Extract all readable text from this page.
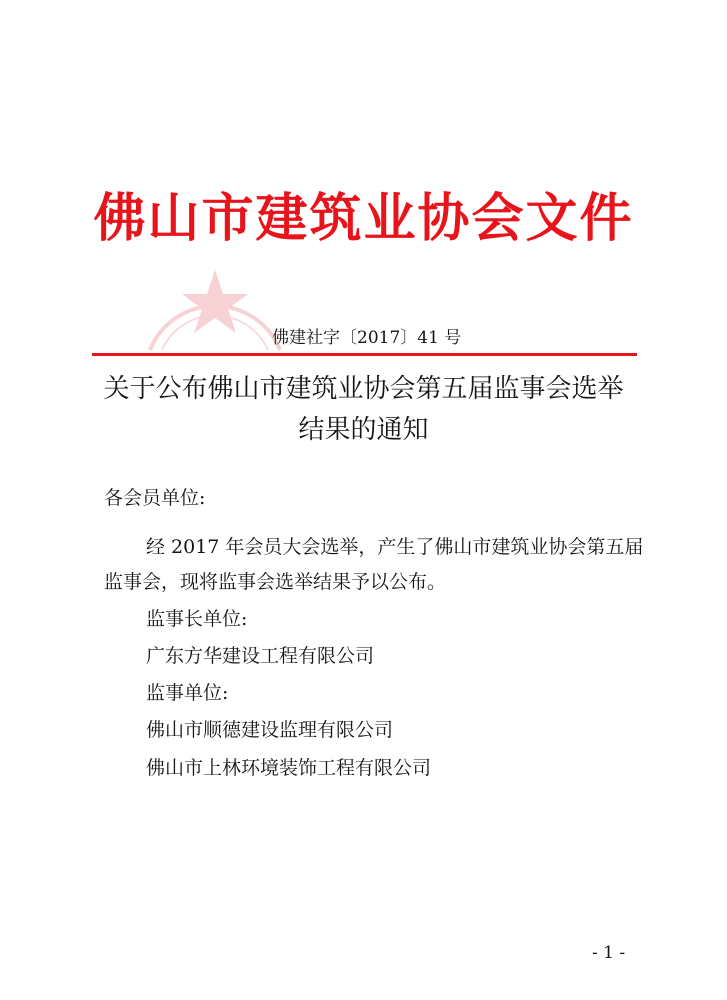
佛山市建筑业协会文件
佛建社字〔2017〕41 号
关于公布佛山市建筑业协会第五届监事会选举
结果的通知
各会员单位:
经 2017 年会员大会选举，产生了佛山市建筑业协会第五届
监事会，现将监事会选举结果予以公布。
监事长单位:
广东方华建设工程有限公司
监事单位:
佛山市顺德建设监理有限公司
佛山市上林环境装饰工程有限公司
- 1 -
